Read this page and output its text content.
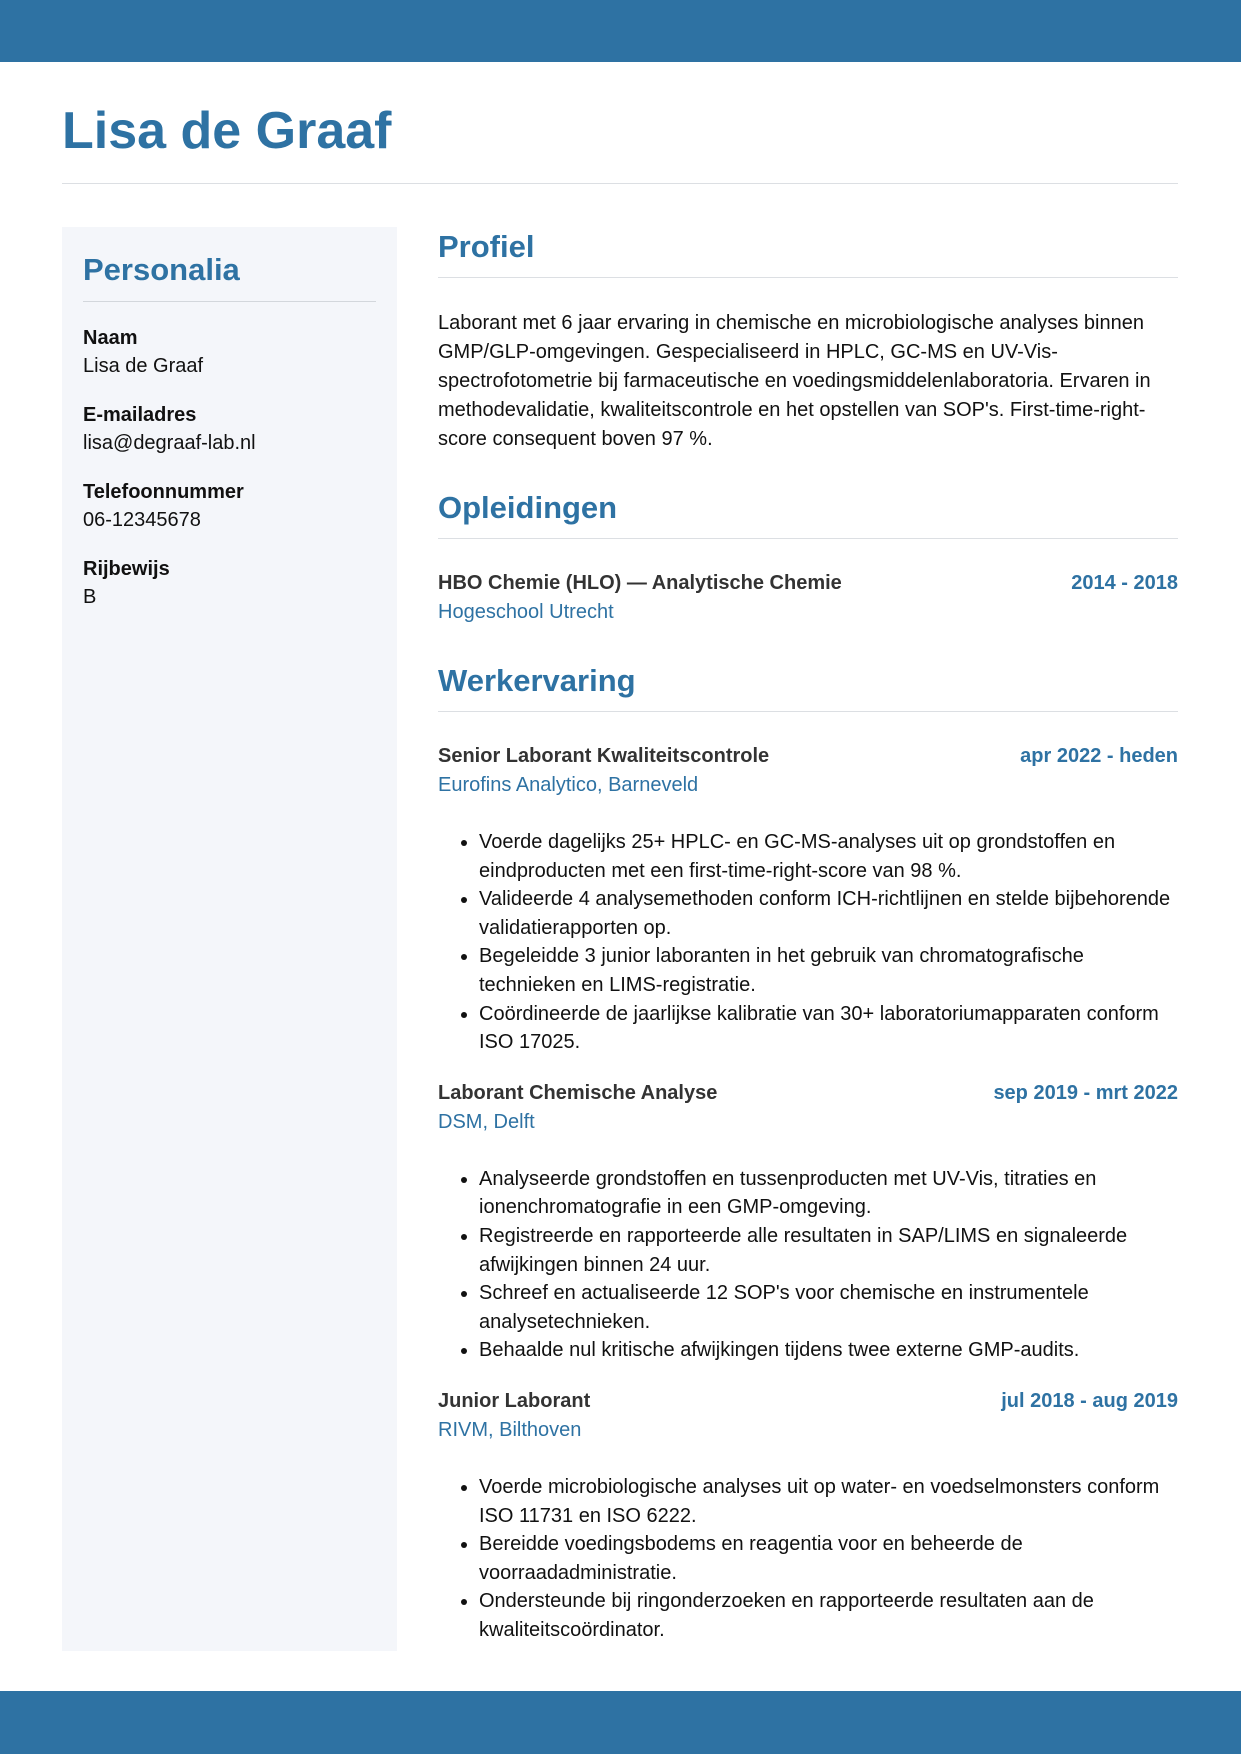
Lisa de Graaf
Personalia
Naam
Lisa de Graaf
E-mailadres
lisa@degraaf-lab.nl
Telefoonnummer
06-12345678
Rijbewijs
B
Profiel

Laborant met 6 jaar ervaring in chemische en microbiologische analyses binnen GMP/GLP-omgevingen. Gespecialiseerd in HPLC, GC-MS en UV-Vis-spectrofotometrie bij farmaceutische en voedingsmiddelenlaboratoria. Ervaren in methodevalidatie, kwaliteitscontrole en het opstellen van SOP's. First-time-right-score consequent boven 97 %.

Opleidingen
HBO Chemie (HLO) — Analytische Chemie	2014 - 2018
Hogeschool Utrecht
Werkervaring
Senior Laborant Kwaliteitscontrole	apr 2022 - heden
Eurofins Analytico, Barneveld
• Voerde dagelijks 25+ HPLC- en GC-MS-analyses uit op grondstoffen en eindproducten met een first-time-right-score van 98 %.
• Valideerde 4 analysemethoden conform ICH-richtlijnen en stelde bijbehorende validatierapporten op.
• Begeleidde 3 junior laboranten in het gebruik van chromatografische technieken en LIMS-registratie.
• Coördineerde de jaarlijkse kalibratie van 30+ laboratoriumapparaten conform ISO 17025.
Laborant Chemische Analyse	sep 2019 - mrt 2022
DSM, Delft
• Analyseerde grondstoffen en tussenproducten met UV-Vis, titraties en ionenchromatografie in een GMP-omgeving.
• Registreerde en rapporteerde alle resultaten in SAP/LIMS en signaleerde afwijkingen binnen 24 uur.
• Schreef en actualiseerde 12 SOP's voor chemische en instrumentele analysetechnieken.
• Behaalde nul kritische afwijkingen tijdens twee externe GMP-audits.
Junior Laborant	jul 2018 - aug 2019
RIVM, Bilthoven
• Voerde microbiologische analyses uit op water- en voedselmonsters conform ISO 11731 en ISO 6222.
• Bereidde voedingsbodems en reagentia voor en beheerde de voorraadadministratie.
• Ondersteunde bij ringonderzoeken en rapporteerde resultaten aan de kwaliteitscoördinator.
